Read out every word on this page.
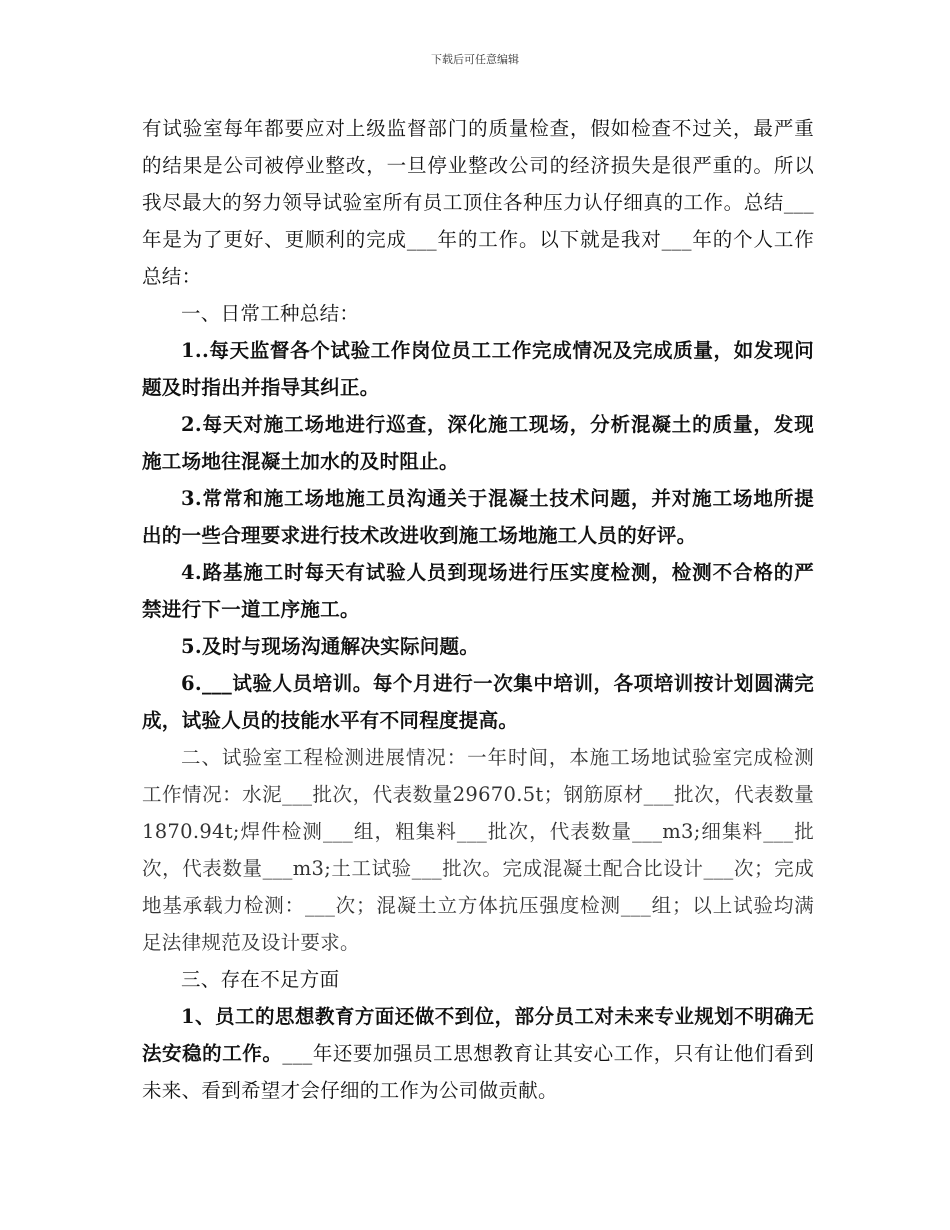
下载后可任意编辑

有试验室每年都要应对上级监督部门的质量检查，假如检查不过关，最严重的结果是公司被停业整改，一旦停业整改公司的经济损失是很严重的。所以我尽最大的努力领导试验室所有员工顶住各种压力认仔细真的工作。总结___年是为了更好、更顺利的完成___年的工作。以下就是我对___年的个人工作总结：

一、日常工种总结：

1..每天监督各个试验工作岗位员工工作完成情况及完成质量，如发现问题及时指出并指导其纠正。

2.每天对施工场地进行巡查，深化施工现场，分析混凝土的质量，发现施工场地往混凝土加水的及时阻止。

3.常常和施工场地施工员沟通关于混凝土技术问题，并对施工场地所提出的一些合理要求进行技术改进收到施工场地施工人员的好评。

4.路基施工时每天有试验人员到现场进行压实度检测，检测不合格的严禁进行下一道工序施工。

5.及时与现场沟通解决实际问题。

6.___试验人员培训。每个月进行一次集中培训，各项培训按计划圆满完成，试验人员的技能水平有不同程度提高。

二、试验室工程检测进展情况：一年时间，本施工场地试验室完成检测工作情况：水泥___批次，代表数量29670.5t；钢筋原材___批次，代表数量1870.94t;焊件检测___组，粗集料___批次，代表数量___m3;细集料___批次，代表数量___m3;土工试验___批次。完成混凝土配合比设计___次；完成地基承载力检测：___次；混凝土立方体抗压强度检测___组；以上试验均满足法律规范及设计要求。

三、存在不足方面

1、员工的思想教育方面还做不到位，部分员工对未来专业规划不明确无法安稳的工作。___年还要加强员工思想教育让其安心工作，只有让他们看到未来、看到希望才会仔细的工作为公司做贡献。
